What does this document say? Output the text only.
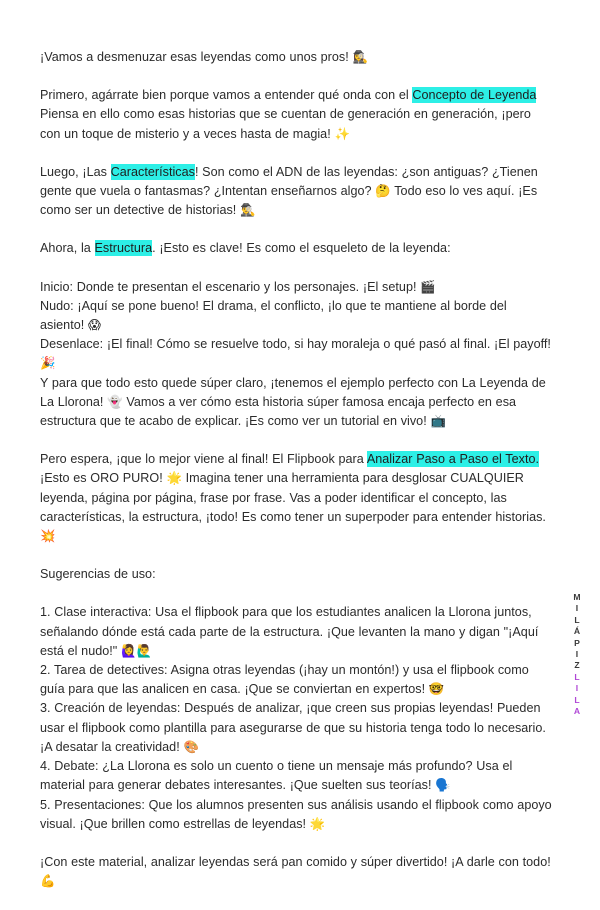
¡Vamos a desmenuzar esas leyendas como unos pros! 🕵️‍♀️

Primero, agárrate bien porque vamos a entender qué onda con el Concepto de Leyenda Piensa en ello como esas historias que se cuentan de generación en generación, ¡pero con un toque de misterio y a veces hasta de magia! ✨

Luego, ¡Las Características! Son como el ADN de las leyendas: ¿son antiguas? ¿Tienen gente que vuela o fantasmas? ¿Intentan enseñarnos algo? 🤔 Todo eso lo ves aquí. ¡Es como ser un detective de historias! 🕵️‍♂️

Ahora, la Estructura. ¡Esto es clave! Es como el esqueleto de la leyenda:

Inicio: Donde te presentan el escenario y los personajes. ¡El setup! 🎬
Nudo: ¡Aquí se pone bueno! El drama, el conflicto, ¡lo que te mantiene al borde del asiento! 😱
Desenlace: ¡El final! Cómo se resuelve todo, si hay moraleja o qué pasó al final. ¡El payoff! 🎉
Y para que todo esto quede súper claro, ¡tenemos el ejemplo perfecto con La Leyenda de La Llorona! 👻 Vamos a ver cómo esta historia súper famosa encaja perfecto en esa estructura que te acabo de explicar. ¡Es como ver un tutorial en vivo! 📺

Pero espera, ¡que lo mejor viene al final! El Flipbook para Analizar Paso a Paso el Texto. ¡Esto es ORO PURO! 🌟 Imagina tener una herramienta para desglosar CUALQUIER leyenda, página por página, frase por frase. Vas a poder identificar el concepto, las características, la estructura, ¡todo! Es como tener un superpoder para entender historias. 💥

Sugerencias de uso:

1. Clase interactiva: Usa el flipbook para que los estudiantes analicen la Llorona juntos, señalando dónde está cada parte de la estructura. ¡Que levanten la mano y digan "¡Aquí está el nudo!" 🙋‍♀️🙋‍♂️
2. Tarea de detectives: Asigna otras leyendas (¡hay un montón!) y usa el flipbook como guía para que las analicen en casa. ¡Que se conviertan en expertos! 🤓
3. Creación de leyendas: Después de analizar, ¡que creen sus propias leyendas! Pueden usar el flipbook como plantilla para asegurarse de que su historia tenga todo lo necesario. ¡A desatar la creatividad! 🎨
4. Debate: ¿La Llorona es solo un cuento o tiene un mensaje más profundo? Usa el material para generar debates interesantes. ¡Que suelten sus teorías! 🗣️
5. Presentaciones: Que los alumnos presenten sus análisis usando el flipbook como apoyo visual. ¡Que brillen como estrellas de leyendas! 🌟

¡Con este material, analizar leyendas será pan comido y súper divertido! ¡A darle con todo! 💪

M
I
L
Á
P
I
Z
L
I
L
A
